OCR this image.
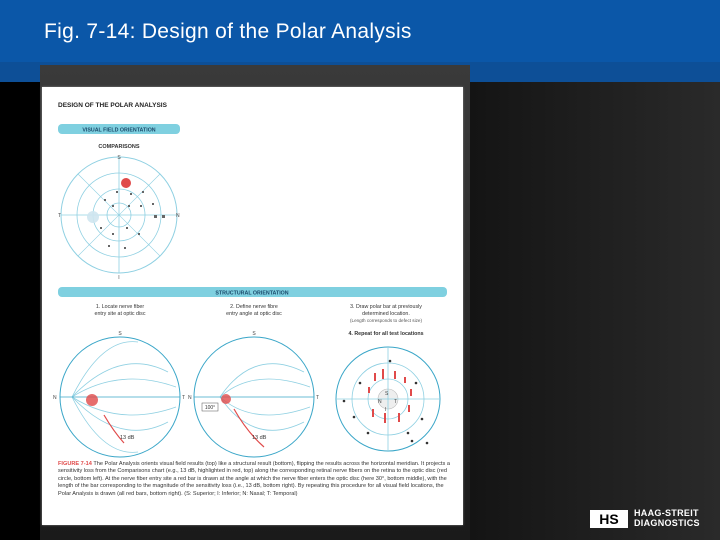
Fig. 7-14: Design of the Polar Analysis
DESIGN OF THE POLAR ANALYSIS
VISUAL FIELD ORIENTATION
COMPARISONS
S
I
T	N
STRUCTURAL ORIENTATION
1. Locate nerve fiber
entry site at optic disc
2. Define nerve fibre
entry angle at optic disc
3. Draw polar bar at previously
determined location.
(Length corresponds to defect size)
4. Repeat for all test locations
S
N	T
13 dB
100°
S
N	T
13 dB
S
N T
I
FIGURE 7-14 The Polar Analysis orients visual field results (top) like a structural result (bottom), flipping the results across the horizontal meridian. It projects a sensitivity loss from the Comparisons chart (e.g., 13 dB, highlighted in red, top) along the corresponding retinal nerve fibers on the retina to the optic disc (red circle, bottom left). At the nerve fiber entry site a red bar is drawn at the angle at which the nerve fiber enters the optic disc (here 30°, bottom middle), with the length of the bar corresponding to the magnitude of the sensitivity loss (i.e., 13 dB, bottom right). By repeating this procedure for all visual field locations, the Polar Analysis is drawn (all red bars, bottom right). (S: Superior; I: Inferior; N: Nasal; T: Temporal)
HS HAAG-STREIT
DIAGNOSTICS
